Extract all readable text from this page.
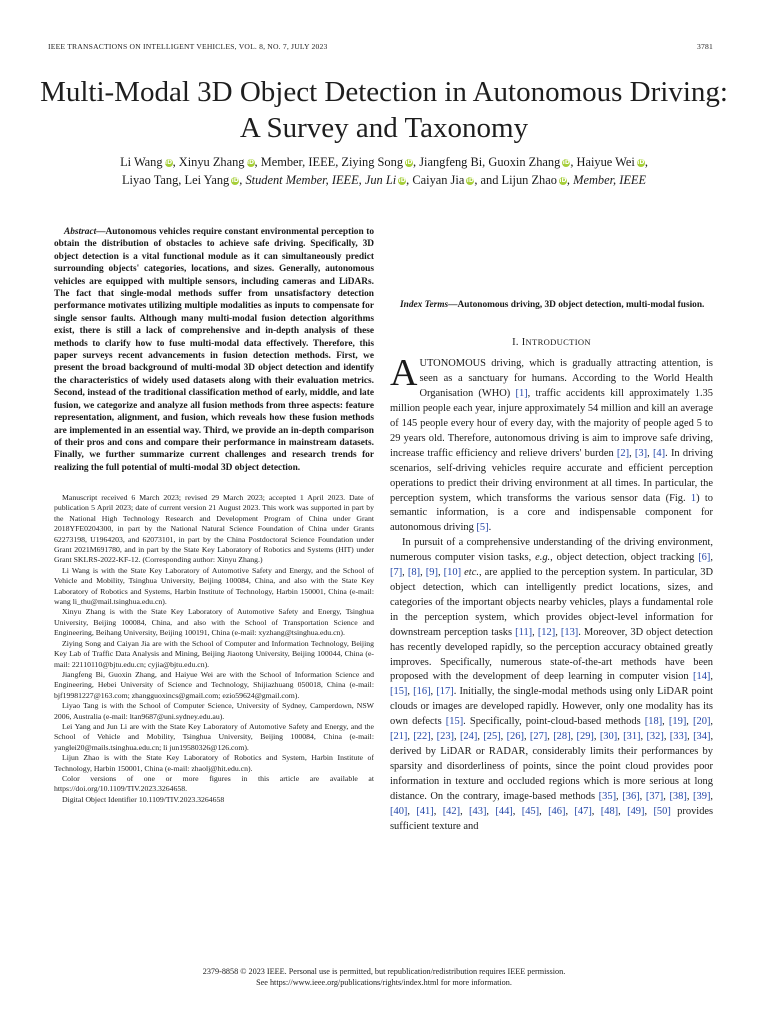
IEEE TRANSACTIONS ON INTELLIGENT VEHICLES, VOL. 8, NO. 7, JULY 2023	3781
Multi-Modal 3D Object Detection in Autonomous Driving: A Survey and Taxonomy
Li Wang iD, Xinyu Zhang iD, Member, IEEE, Ziying Song iD, Jiangfeng Bi, Guoxin Zhang iD, Haiyue Wei iD,
Liyao Tang, Lei Yang iD, Student Member, IEEE, Jun Li iD, Caiyan Jia iD, and Lijun Zhao iD, Member, IEEE

Abstract—Autonomous vehicles require constant environmental perception to obtain the distribution of obstacles to achieve safe driving. Specifically, 3D object detection is a vital functional module as it can simultaneously predict surrounding objects' categories, locations, and sizes. Generally, autonomous vehicles are equipped with multiple sensors, including cameras and LiDARs. The fact that single-modal methods suffer from unsatisfactory detection performance motivates utilizing multiple modalities as inputs to compensate for single sensor faults. Although many multi-modal fusion detection algorithms exist, there is still a lack of comprehensive and in-depth analysis of these methods to clarify how to fuse multi-modal data effectively. Therefore, this paper surveys recent advancements in fusion detection methods. First, we present the broad background of multi-modal 3D object detection and identify the characteristics of widely used datasets along with their evaluation metrics. Second, instead of the traditional classification method of early, middle, and late fusion, we categorize and analyze all fusion methods from three aspects: feature representation, alignment, and fusion, which reveals how these fusion methods are implemented in an essential way. Third, we provide an in-depth comparison of their pros and cons and compare their performance in mainstream datasets. Finally, we further summarize current challenges and research trends for realizing the full potential of multi-modal 3D object detection.

Manuscript received 6 March 2023; revised 29 March 2023; accepted 1 April 2023. Date of publication 5 April 2023; date of current version 21 August 2023. This work was supported in part by the National High Technology Research and Development Program of China under Grant 2018YFE0204300, in part by the National Natural Science Foundation of China under Grants 62273198, U1964203, and 62073101, in part by the China Postdoctoral Science Foundation under Grant 2021M691780, and in part by the State Key Laboratory of Robotics and Systems (HIT) under Grant SKLRS-2022-KF-12. (Corresponding author: Xinyu Zhang.)

Li Wang is with the State Key Laboratory of Automotive Safety and Energy, and the School of Vehicle and Mobility, Tsinghua University, Beijing 100084, China, and also with the State Key Laboratory of Robotics and Systems, Harbin Institute of Technology, Harbin 150001, China (e-mail: wang li_thu@mail.tsinghua.edu.cn).

Xinyu Zhang is with the State Key Laboratory of Automotive Safety and Energy, Tsinghua University, Beijing 100084, China, and also with the School of Transportation Science and Engineering, Beihang University, Beijing 100191, China (e-mail: xyzhang@tsinghua.edu.cn).

Ziying Song and Caiyan Jia are with the School of Computer and Information Technology, Beijing Key Lab of Traffic Data Analysis and Mining, Beijing Jiaotong University, Beijing 100044, China (e-mail: 22110110@bjtu.edu.cn; cyjia@bjtu.edu.cn).

Jiangfeng Bi, Guoxin Zhang, and Haiyue Wei are with the School of Information Science and Engineering, Hebei University of Science and Technology, Shijiazhuang 050018, China (e-mail: bjf19981227@163.com; zhangguoxincs@gmail.com; ezio59624@gmail.com).

Liyao Tang is with the School of Computer Science, University of Sydney, Camperdown, NSW 2006, Australia (e-mail: ltan9687@uni.sydney.edu.au).

Lei Yang and Jun Li are with the State Key Laboratory of Automotive Safety and Energy, and the School of Vehicle and Mobility, Tsinghua University, Beijing 100084, China (e-mail: yanglei20@mails.tsinghua.edu.cn; li jun19580326@126.com).

Lijun Zhao is with the State Key Laboratory of Robotics and System, Harbin Institute of Technology, Harbin 150001, China (e-mail: zhaolj@hit.edu.cn).

Color versions of one or more figures in this article are available at https://doi.org/10.1109/TIV.2023.3264658.

Digital Object Identifier 10.1109/TIV.2023.3264658

Index Terms—Autonomous driving, 3D object detection, multi-modal fusion.

I. INTRODUCTION

AUTONOMOUS driving, which is gradually attracting attention, is seen as a sanctuary for humans. According to the World Health Organisation (WHO) [1], traffic accidents kill approximately 1.35 million people each year, injure approximately 54 million and kill an average of 145 people every hour of every day, with the majority of people aged 5 to 29 years old. Therefore, autonomous driving is aim to improve safe driving, increase traffic efficiency and relieve drivers' burden [2], [3], [4]. In driving scenarios, self-driving vehicles require accurate and efficient perception operations to predict their driving environment at all times. In particular, the perception system, which transforms the various sensor data (Fig. 1) to semantic information, is a core and indispensable component for autonomous driving [5].

In pursuit of a comprehensive understanding of the driving environment, numerous computer vision tasks, e.g., object detection, object tracking [6], [7], [8], [9], [10] etc., are applied to the perception system. In particular, 3D object detection, which can intelligently predict locations, sizes, and categories of the important objects nearby vehicles, plays a fundamental role in the perception system, which provides object-level information for downstream perception tasks [11], [12], [13]. Moreover, 3D object detection has recently developed rapidly, so the perception accuracy obtained greatly improves. Specifically, numerous state-of-the-art methods have been proposed with the development of deep learning in computer vision [14], [15], [16], [17]. Initially, the single-modal methods using only LiDAR point clouds or images are developed rapidly. However, only one modality has its own defects [15]. Specifically, point-cloud-based methods [18], [19], [20], [21], [22], [23], [24], [25], [26], [27], [28], [29], [30], [31], [32], [33], [34], derived by LiDAR or RADAR, considerably limits their performances by sparsity and disorderliness of points, since the point cloud provides poor information in texture and occluded regions which is more serious at long distance. On the contrary, image-based methods [35], [36], [37], [38], [39], [40], [41], [42], [43], [44], [45], [46], [47], [48], [49], [50] provides sufficient texture and

2379-8858 © 2023 IEEE. Personal use is permitted, but republication/redistribution requires IEEE permission.
See https://www.ieee.org/publications/rights/index.html for more information.
